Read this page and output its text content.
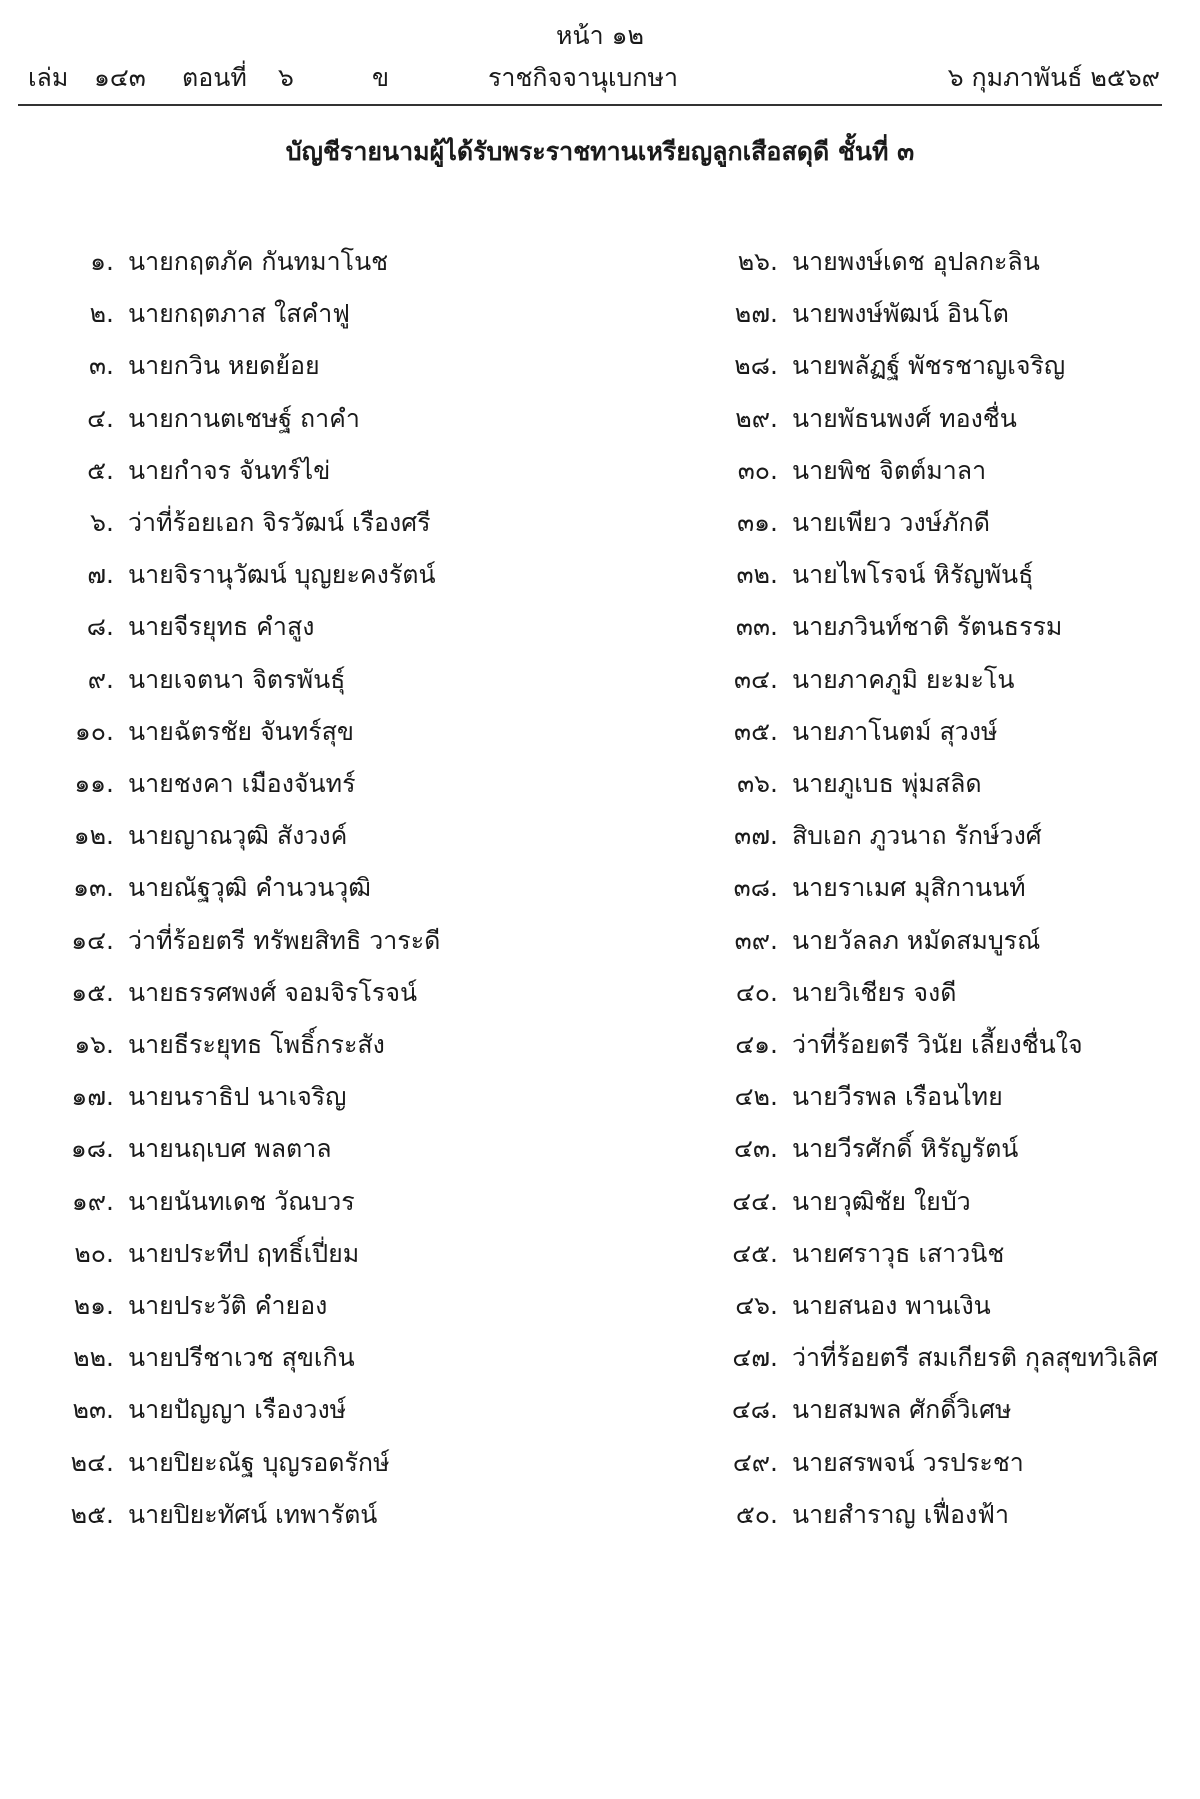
หน้า ๑๒
เล่ม ๑๔๓ ตอนที่ ๖	ข	ราชกิจจานุเบกษา	๖ กุมภาพันธ์ ๒๕๖๙
บัญชีรายนามผู้ได้รับพระราชทานเหรียญลูกเสือสดุดี ชั้นที่ ๓
๑. นายกฤตภัค กันทมาโนช
๒. นายกฤตภาส ใสคำฟู
๓. นายกวิน หยดย้อย
๔. นายกานตเชษฐ์ ถาคำ
๕. นายกำจร จันทร์ไข่
๖. ว่าที่ร้อยเอก จิรวัฒน์ เรืองศรี
๗. นายจิรานุวัฒน์ บุญยะคงรัตน์
๘. นายจีรยุทธ คำสูง
๙. นายเจตนา จิตรพันธุ์
๑๐. นายฉัตรชัย จันทร์สุข
๑๑. นายชงคา เมืองจันทร์
๑๒. นายญาณวุฒิ สังวงค์
๑๓. นายณัฐวุฒิ คำนวนวุฒิ
๑๔. ว่าที่ร้อยตรี ทรัพยสิทธิ วาระดี
๑๕. นายธรรศพงศ์ จอมจิรโรจน์
๑๖. นายธีระยุทธ โพธิ์กระสัง
๑๗. นายนราธิป นาเจริญ
๑๘. นายนฤเบศ พลตาล
๑๙. นายนันทเดช วัณบวร
๒๐. นายประทีป ฤทธิ์เปี่ยม
๒๑. นายประวัติ คำยอง
๒๒. นายปรีชาเวช สุขเกิน
๒๓. นายปัญญา เรืองวงษ์
๒๔. นายปิยะณัฐ บุญรอดรักษ์
๒๕. นายปิยะทัศน์ เทพารัตน์
๒๖. นายพงษ์เดช อุปลกะลิน
๒๗. นายพงษ์พัฒน์ อินโต
๒๘. นายพลัฏฐ์ พัชรชาญเจริญ
๒๙. นายพัธนพงศ์ ทองชื่น
๓๐. นายพิช จิตต์มาลา
๓๑. นายเพียว วงษ์ภักดี
๓๒. นายไพโรจน์ หิรัญพันธุ์
๓๓. นายภวินท์ชาติ รัตนธรรม
๓๔. นายภาคภูมิ ยะมะโน
๓๕. นายภาโนตม์ สุวงษ์
๓๖. นายภูเบธ พุ่มสลิด
๓๗. สิบเอก ภูวนาถ รักษ์วงศ์
๓๘. นายราเมศ มุสิกานนท์
๓๙. นายวัลลภ หมัดสมบูรณ์
๔๐. นายวิเชียร จงดี
๔๑. ว่าที่ร้อยตรี วินัย เลี้ยงชื่นใจ
๔๒. นายวีรพล เรือนไทย
๔๓. นายวีรศักดิ์ หิรัญรัตน์
๔๔. นายวุฒิชัย ใยบัว
๔๕. นายศราวุธ เสาวนิช
๔๖. นายสนอง พานเงิน
๔๗. ว่าที่ร้อยตรี สมเกียรติ กุลสุขทวิเลิศ
๔๘. นายสมพล ศักดิ์วิเศษ
๔๙. นายสรพจน์ วรประชา
๕๐. นายสำราญ เฟื่องฟ้า
